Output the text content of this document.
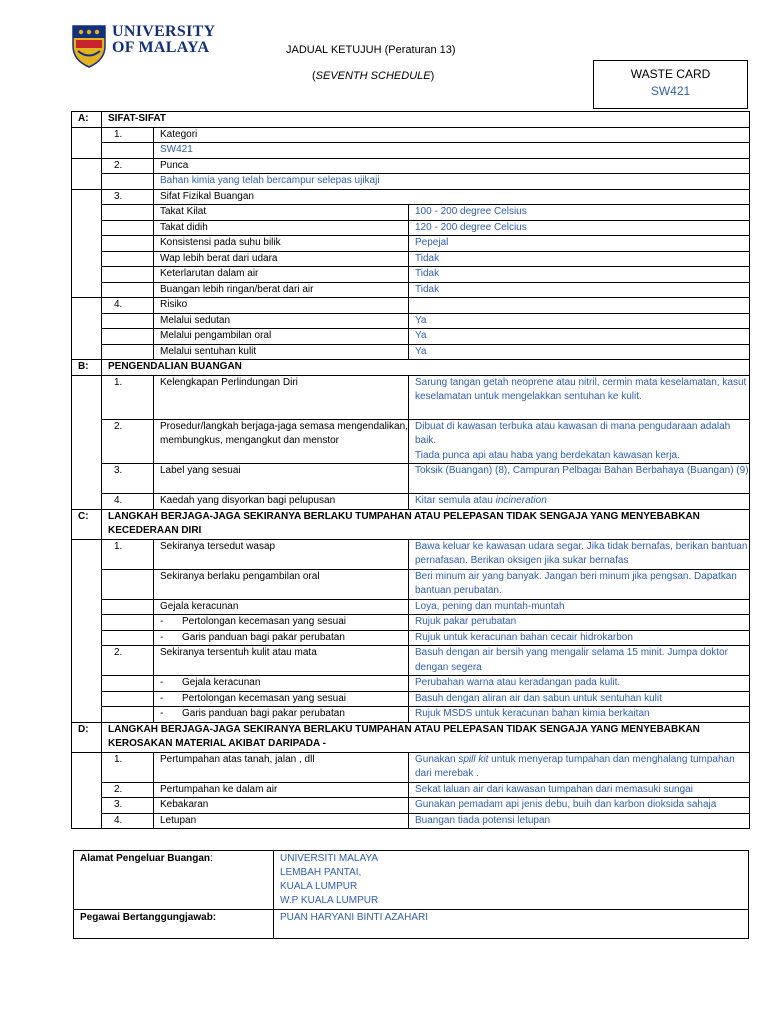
UNIVERSITY
OF MALAYA	JADUAL KETUJUH (Peraturan 13)
(SEVENTH SCHEDULE)	WASTE CARD
SW421
A:	SIFAT-SIFAT		
	1.	Kategori	
		SW421	
	2.	Punca	
		Bahan kimia yang telah bercampur selepas ujikaji	
	3.	Sifat Fizikal Buangan	
		Takat Kilat	100 - 200 degree Celsius
		Takat didih	120 - 200 degree Celcius
		Konsistensi pada suhu bilik	Pepejal
		Wap lebih berat dari udara	Tidak
		Keterlarutan dalam air	Tidak
		Buangan lebih ringan/berat dari air	Tidak
	4.	Risiko	
		Melalui sedutan	Ya
		Melalui pengambilan oral	Ya
		Melalui sentuhan kulit	Ya
B:	PENGENDALIAN BUANGAN		
	1.	Kelengkapan Perlindungan Diri	Sarung tangan getah neoprene atau nitril, cermin mata keselamatan, kasut keselamatan untuk mengelakkan sentuhan ke kulit.
	2.	Prosedur/langkah berjaga-jaga semasa mengendalikan, membungkus, mengangkut dan menstor	Dibuat di kawasan terbuka atau kawasan di mana pengudaraan adalah baik.
Tiada punca api atau haba yang berdekatan kawasan kerja.

	3.	Label yang sesuai	Toksik (Buangan) (8), Campuran Pelbagai Bahan Berbahaya (Buangan) (9)
	4.	Kaedah yang disyorkan bagi pelupusan	Kitar semula atau incineration
C:	LANGKAH BERJAGA-JAGA SEKIRANYA BERLAKU TUMPAHAN ATAU PELEPASAN TIDAK SENGAJA YANG MENYEBABKAN KECEDERAAN DIRI		
	1.	Sekiranya tersedut wasap	Bawa keluar ke kawasan udara segar. Jika tidak bernafas, berikan bantuan pernafasan. Berikan oksigen jika sukar bernafas
		Sekiranya berlaku pengambilan oral	Beri minum air yang banyak. Jangan beri minum jika pengsan. Dapatkan bantuan perubatan.
		Gejala keracunan	Loya, pening dan muntah-muntah
		- Pertolongan kecemasan yang sesuai	Rujuk pakar perubatan
		- Garis panduan bagi pakar perubatan	Rujuk untuk keracunan bahan cecair hidrokarbon
	2.	Sekiranya tersentuh kulit atau mata	Basuh dengan air bersih yang mengalir selama 15 minit. Jumpa doktor dengan segera
		- Gejala keracunan	Perubahan warna atau keradangan pada kulit.
		- Pertolongan kecemasan yang sesuai	Basuh dengan aliran air dan sabun untuk sentuhan kulit
		- Garis panduan bagi pakar perubatan	Rujuk MSDS untuk keracunan bahan kimia berkaitan
D:	LANGKAH BERJAGA-JAGA SEKIRANYA BERLAKU TUMPAHAN ATAU PELEPASAN TIDAK SENGAJA YANG MENYEBABKAN KEROSAKAN MATERIAL AKIBAT DARIPADA -		
	1.	Pertumpahan atas tanah, jalan , dll	Gunakan spill kit untuk menyerap tumpahan dan menghalang tumpahan dari merebak .
	2.	Pertumpahan ke dalam air	Sekat laluan air dari kawasan tumpahan dari memasuki sungai
	3.	Kebakaran	Gunakan pemadam api jenis debu, buih dan karbon dioksida sahaja
	4.	Letupan	Buangan tiada potensi letupan
Alamat Pengeluar Buangan:	UNIVERSITI MALAYA
LEMBAH PANTAI,
KUALA LUMPUR
W.P KUALA LUMPUR

Pegawai Bertanggungjawab:	PUAN HARYANI BINTI AZAHARI
